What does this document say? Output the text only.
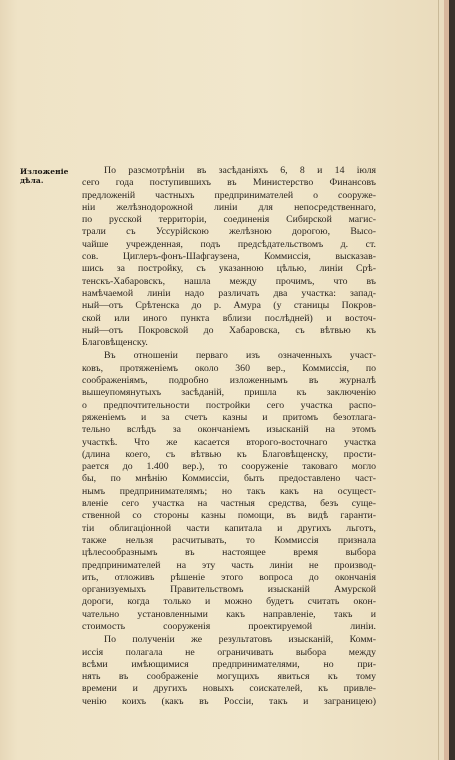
Изложеніе дѣла.

По разсмотрѣніи въ засѣданіяхъ 6, 8 и 14 іюля
сего года поступившихъ въ Министерство Финансовъ
предложеній частныхъ предпринимателей о сооруже-
ніи желѣзнодорожной линіи для непосредственнаго,
по русской территоріи, соединенія Сибирской магис-
трали съ Уссурійскою желѣзною дорогою, Высо-
чайше учрежденная, подъ предсѣдательствомъ д. ст.
сов. Циглеръ-фонъ-Шафгаузена, Коммиссія, высказав-
шись за постройку, съ указанною цѣлью, линіи Срѣ-
тенскъ-Хабаровскъ, нашла между прочимъ, что въ
намѣчаемой линіи надо различать два участка: запад-
ный—отъ Срѣтенска до р. Амура (у станицы Покров-
ской или иного пункта вблизи послѣдней) и восточ-
ный—отъ Покровской до Хабаровска, съ вѣтвью къ
Благовѣщенску.

Въ отношеніи перваго изъ означенныхъ участ-
ковъ, протяженіемъ около 360 вер., Коммиссія, по
соображеніямъ, подробно изложеннымъ въ журналѣ
вышеупомянутыхъ засѣданій, пришла къ заключенію
о предпочтительности постройки сего участка распо-
ряженіемъ и за счетъ казны и притомъ безотлага-
тельно вслѣдъ за окончаніемъ изысканій на этомъ
участкѣ. Что же касается второго-восточнаго участка
(длина коего, съ вѣтвью къ Благовѣщенску, прости-
рается до 1.400 вер.), то сооруженіе таковаго могло
бы, по мнѣнію Коммиссіи, быть предоставлено част-
нымъ предпринимателямъ; но такъ какъ на осущест-
вленіе сего участка на частныя средства, безъ суще-
ственной со стороны казны помощи, въ видѣ гаранти-
тіи облигаціонной части капитала и другихъ льготъ,
также нельзя расчитывать, то Коммиссія признала
цѣлесообразнымъ въ настоящее время выбора
предпринимателей на эту часть линіи не производ-
ить, отложивъ рѣшеніе этого вопроса до окончанія
организуемыхъ Правительствомъ изысканій Амурской
дороги, когда только и можно будетъ считать окон-
чательно установленными какъ направленіе, такъ и
стоимость сооруженія проектируемой линіи.

По полученіи же результатовъ изысканій, Комм-
иссія полагала не ограничивать выбора между
всѣми имѣющимися предпринимателями, но при-
нять въ соображеніе могущихъ явиться къ тому
времени и другихъ новыхъ соискателей, къ привле-
ченію коихъ (какъ въ Россіи, такъ и заграницею)
